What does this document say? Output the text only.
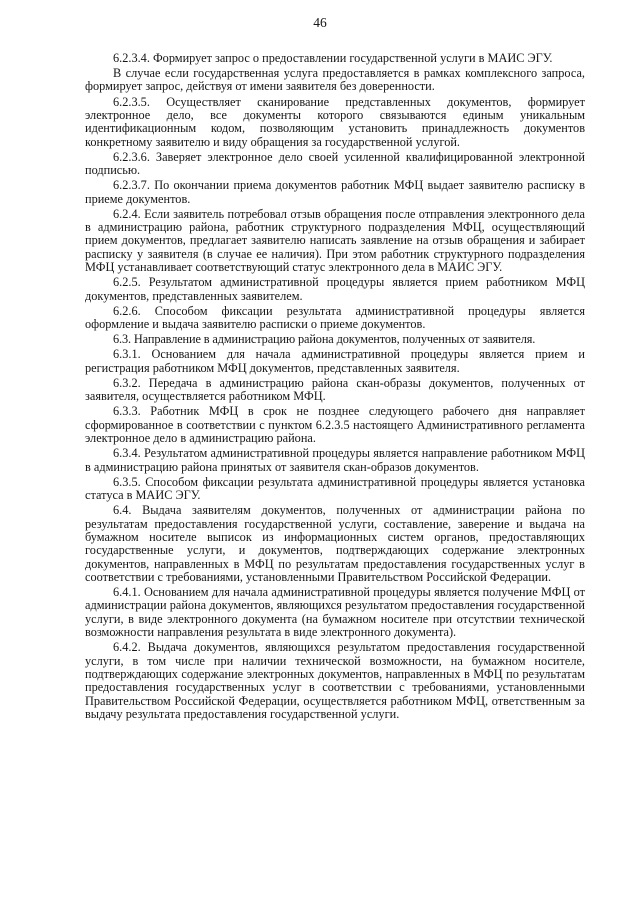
46

6.2.3.4. Формирует запрос о предоставлении государственной услуги в МАИС ЭГУ.

В случае если государственная услуга предоставляется в рамках комплексного запроса, формирует запрос, действуя от имени заявителя без доверенности.

6.2.3.5. Осуществляет сканирование представленных документов, формирует электронное дело, все документы которого связываются единым уникальным идентификационным кодом, позволяющим установить принадлежность документов конкретному заявителю и виду обращения за государственной услугой.

6.2.3.6. Заверяет электронное дело своей усиленной квалифицированной электронной подписью.

6.2.3.7. По окончании приема документов работник МФЦ выдает заявителю расписку в приеме документов.

6.2.4. Если заявитель потребовал отзыв обращения после отправления электронного дела в администрацию района, работник структурного подразделения МФЦ, осуществляющий прием документов, предлагает заявителю написать заявление на отзыв обращения и забирает расписку у заявителя (в случае ее наличия). При этом работник структурного подразделения МФЦ устанавливает соответствующий статус электронного дела в МАИС ЭГУ.

6.2.5. Результатом административной процедуры является прием работником МФЦ документов, представленных заявителем.

6.2.6. Способом фиксации результата административной процедуры является оформление и выдача заявителю расписки о приеме документов.

6.3. Направление в администрацию района документов, полученных от заявителя.

6.3.1. Основанием для начала административной процедуры является прием и регистрация работником МФЦ документов, представленных заявителя.

6.3.2. Передача в администрацию района скан-образы документов, полученных от заявителя, осуществляется работником МФЦ.

6.3.3. Работник МФЦ в срок не позднее следующего рабочего дня направляет сформированное в соответствии с пунктом 6.2.3.5 настоящего Административного регламента электронное дело в администрацию района.

6.3.4. Результатом административной процедуры является направление работником МФЦ в администрацию района принятых от заявителя скан-образов документов.

6.3.5. Способом фиксации результата административной процедуры является установка статуса в МАИС ЭГУ.

6.4. Выдача заявителям документов, полученных от администрации района по результатам предоставления государственной услуги, составление, заверение и выдача на бумажном носителе выписок из информационных систем органов, предоставляющих государственные услуги, и документов, подтверждающих содержание электронных документов, направленных в МФЦ по результатам предоставления государственных услуг в соответствии с требованиями, установленными Правительством Российской Федерации.

6.4.1. Основанием для начала административной процедуры является получение МФЦ от администрации района документов, являющихся результатом предоставления государственной услуги, в виде электронного документа (на бумажном носителе при отсутствии технической возможности направления результата в виде электронного документа).

6.4.2. Выдача документов, являющихся результатом предоставления государственной услуги, в том числе при наличии технической возможности, на бумажном носителе, подтверждающих содержание электронных документов, направленных в МФЦ по результатам предоставления государственных услуг в соответствии с требованиями, установленными Правительством Российской Федерации, осуществляется работником МФЦ, ответственным за выдачу результата предоставления государственной услуги.
